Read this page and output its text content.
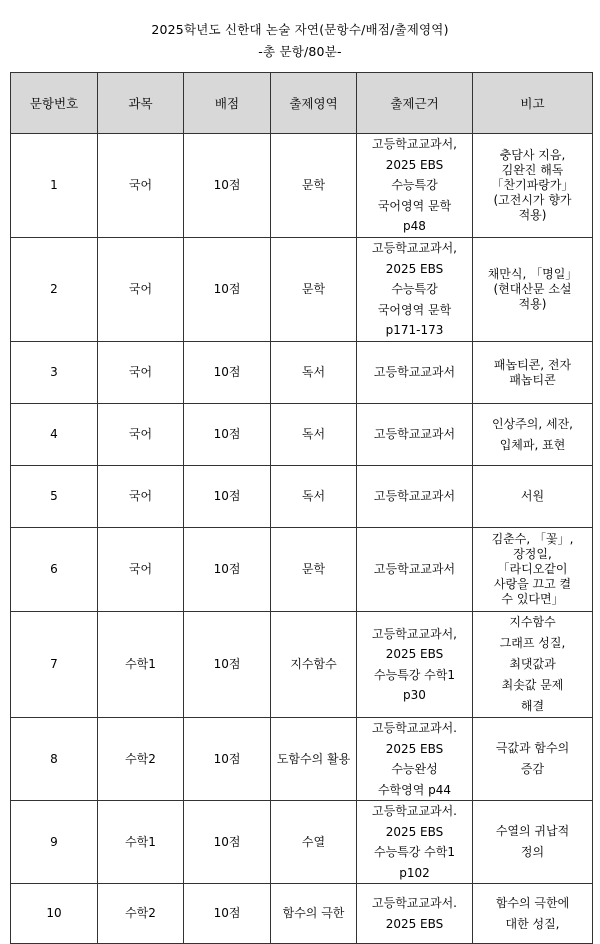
2025학년도 신한대 논술 자연(문항수/배점/출제영역)
-총 문항/80분-
문항번호	과목	배점	출제영역	출제근거	비고

1	국어	10점	문학	고등학교교과서,
2025 EBS
수능특강
국어영역 문학
p48	충담사 지음,
김완진 해독
「찬기파랑가」
(고전시가 향가
적용)

2	국어	10점	문학	고등학교교과서,
2025 EBS
수능특강
국어영역 문학
p171-173	채만식, 「명일」
(현대산문 소설
적용)

3	국어	10점	독서	고등학교교과서	패놉티콘, 전자
패놉티콘

4	국어	10점	독서	고등학교교과서	인상주의, 세잔,
입체파, 표현

5	국어	10점	독서	고등학교교과서	서원

6	국어	10점	문학	고등학교교과서	김춘수, 「꽃」,
장정일,
「라디오같이
사랑을 끄고 켤
수 있다면」

7	수학1	10점	지수함수	고등학교교과서,
2025 EBS
수능특강 수학1
p30	지수함수
그래프 성질,
최댓값과
최솟값 문제
해결

8	수학2	10점	도함수의 활용	고등학교교과서.
2025 EBS
수능완성
수학영역 p44	극값과 함수의
증감

9	수학1	10점	수열	고등학교교과서.
2025 EBS
수능특강 수학1
p102	수열의 귀납적
정의

10	수학2	10점	함수의 극한	고등학교교과서.
2025 EBS	함수의 극한에
대한 성질,
